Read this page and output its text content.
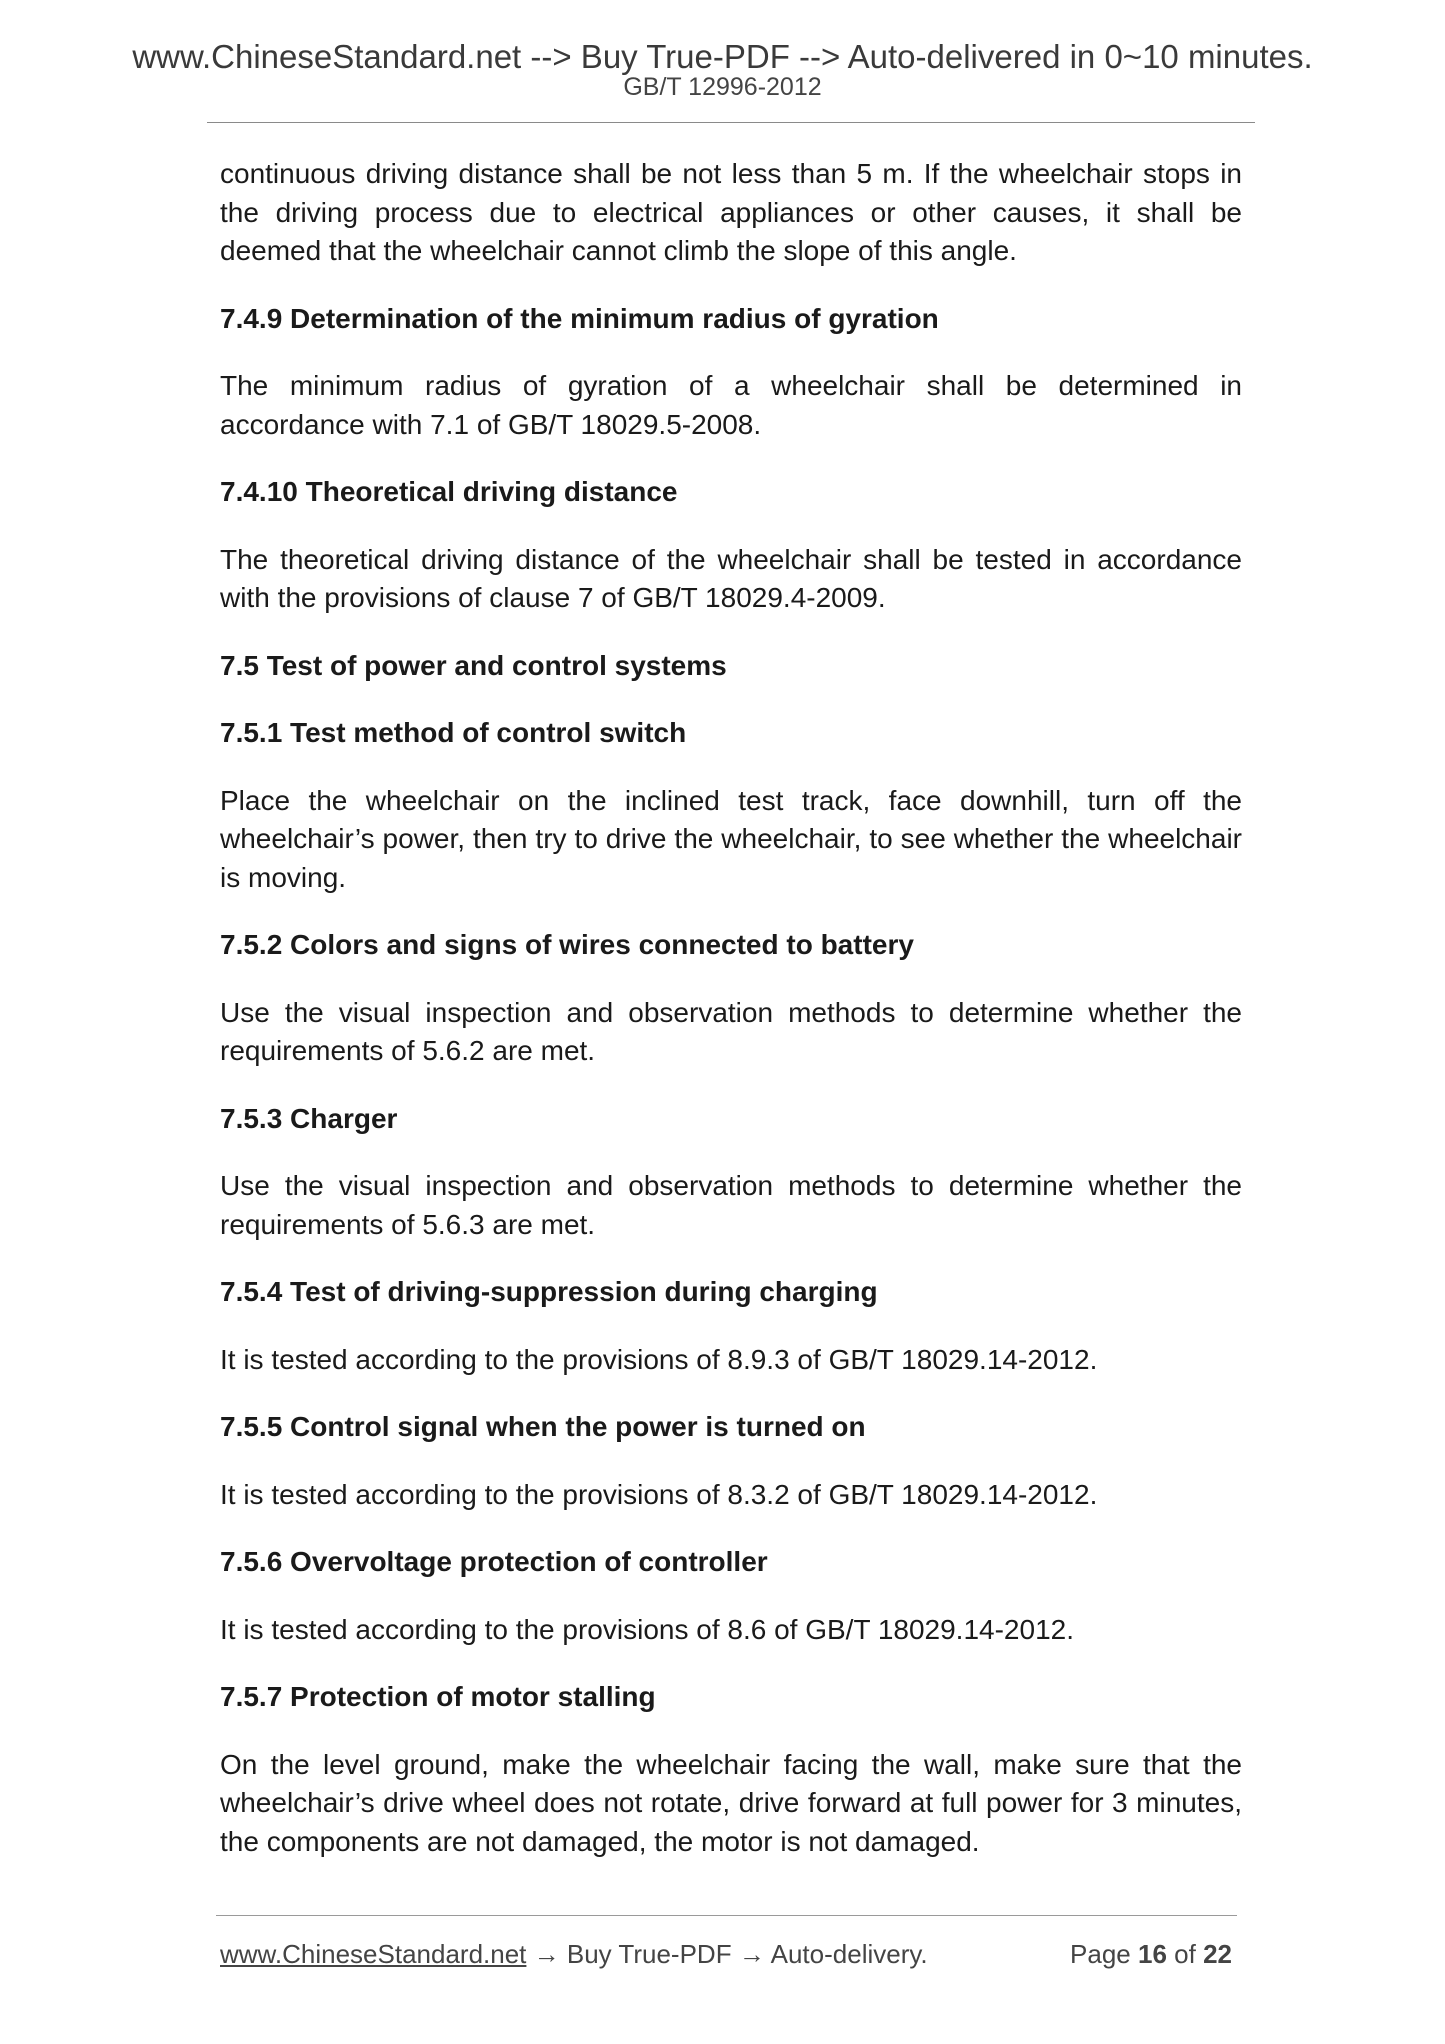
www.ChineseStandard.net --> Buy True-PDF --> Auto-delivered in 0~10 minutes.
GB/T 12996-2012

continuous driving distance shall be not less than 5 m. If the wheelchair stops in the driving process due to electrical appliances or other causes, it shall be deemed that the wheelchair cannot climb the slope of this angle.

7.4.9 Determination of the minimum radius of gyration

The minimum radius of gyration of a wheelchair shall be determined in accordance with 7.1 of GB/T 18029.5-2008.

7.4.10 Theoretical driving distance

The theoretical driving distance of the wheelchair shall be tested in accordance with the provisions of clause 7 of GB/T 18029.4-2009.

7.5 Test of power and control systems

7.5.1 Test method of control switch

Place the wheelchair on the inclined test track, face downhill, turn off the wheelchair’s power, then try to drive the wheelchair, to see whether the wheelchair is moving.

7.5.2 Colors and signs of wires connected to battery

Use the visual inspection and observation methods to determine whether the requirements of 5.6.2 are met.

7.5.3 Charger

Use the visual inspection and observation methods to determine whether the requirements of 5.6.3 are met.

7.5.4 Test of driving-suppression during charging

It is tested according to the provisions of 8.9.3 of GB/T 18029.14-2012.

7.5.5 Control signal when the power is turned on

It is tested according to the provisions of 8.3.2 of GB/T 18029.14-2012.

7.5.6 Overvoltage protection of controller

It is tested according to the provisions of 8.6 of GB/T 18029.14-2012.

7.5.7 Protection of motor stalling

On the level ground, make the wheelchair facing the wall, make sure that the wheelchair’s drive wheel does not rotate, drive forward at full power for 3 minutes, the components are not damaged, the motor is not damaged.

www.ChineseStandard.net → Buy True-PDF → Auto-delivery.	Page 16 of 22
